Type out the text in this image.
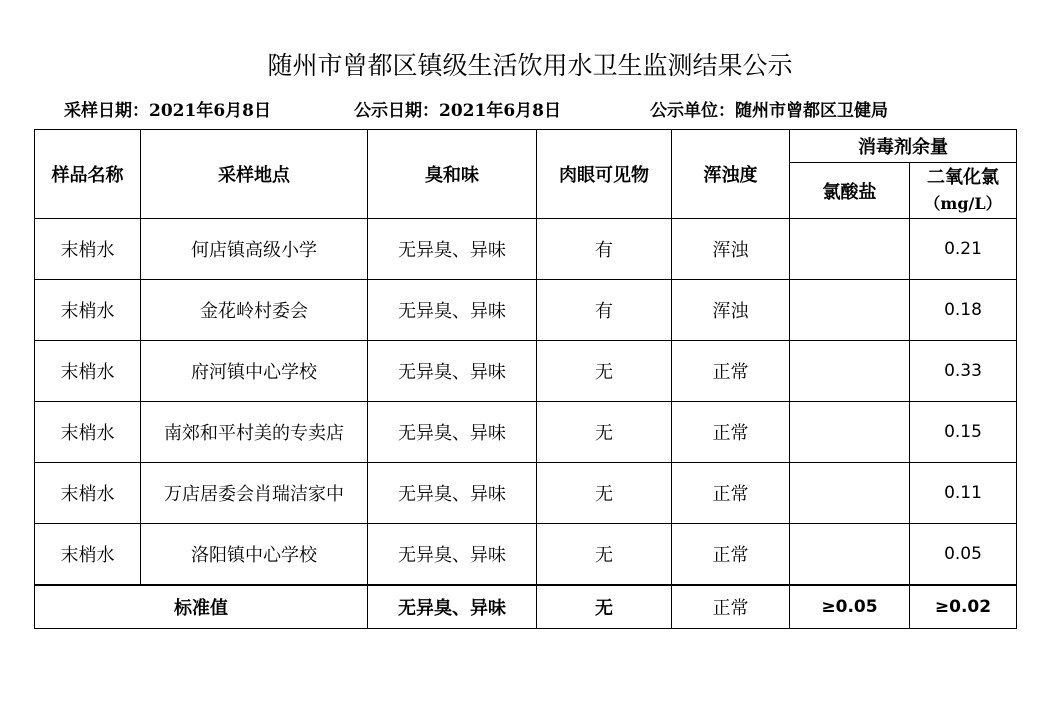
随州市曾都区镇级生活饮用水卫生监测结果公示
采样日期：2021年6月8日	公示日期：2021年6月8日	公示单位：随州市曾都区卫健局
样品名称	采样地点	臭和味	肉眼可见物	浑浊度	消毒剂余量	
					氯酸盐	二氧化氯
（mg/L）

末梢水	何店镇高级小学	无异臭、异味	有	浑浊		0.21
末梢水	金花岭村委会	无异臭、异味	有	浑浊		0.18
末梢水	府河镇中心学校	无异臭、异味	无	正常		0.33
末梢水	南郊和平村美的专卖店	无异臭、异味	无	正常		0.15
末梢水	万店居委会肖瑞洁家中	无异臭、异味	无	正常		0.11
末梢水	洛阳镇中心学校	无异臭、异味	无	正常		0.05
标准值		无异臭、异味	无	正常	≥0.05	≥0.02
